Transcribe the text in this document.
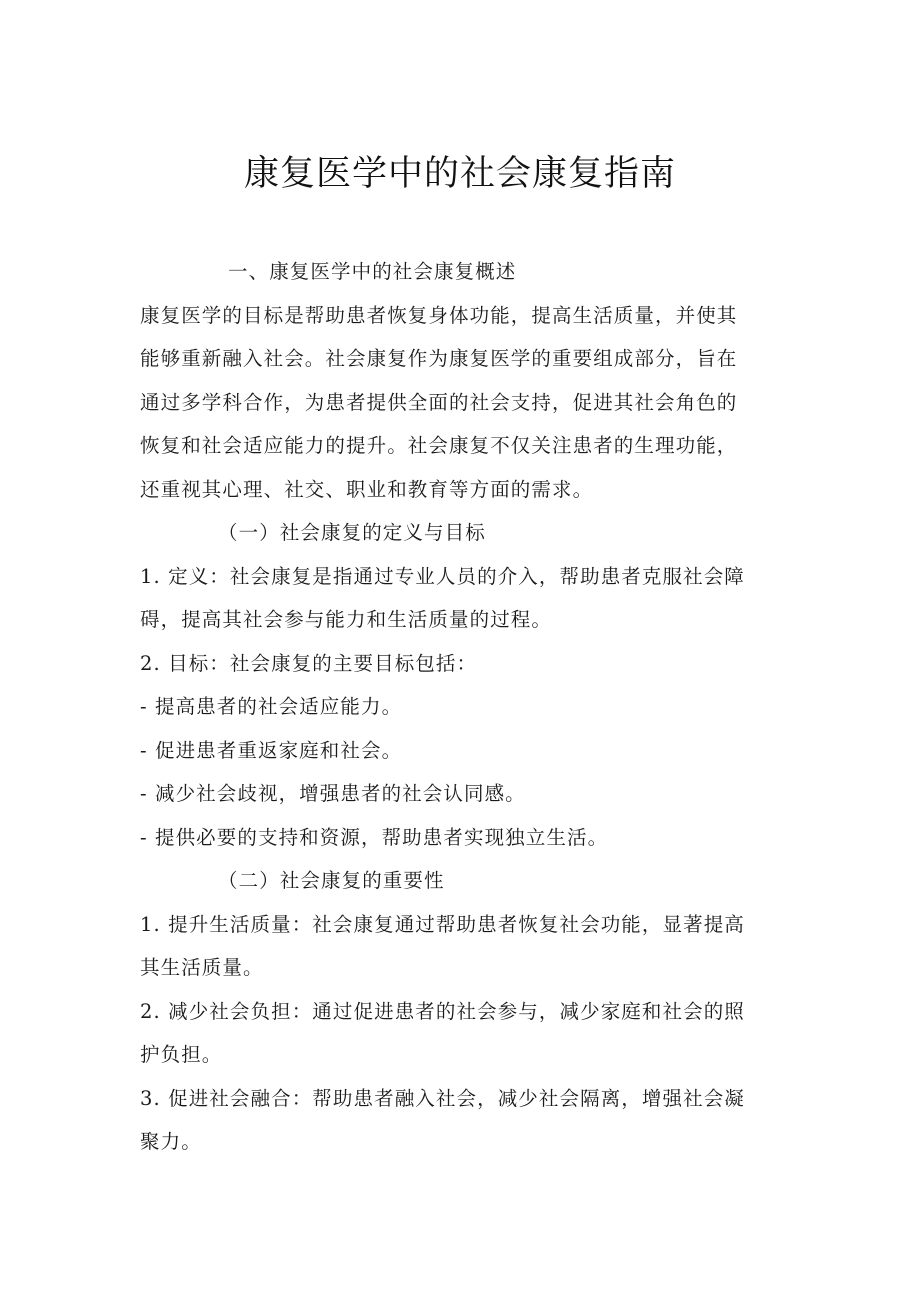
康复医学中的社会康复指南

一、康复医学中的社会康复概述

康复医学的目标是帮助患者恢复身体功能，提高生活质量，并使其

能够重新融入社会。社会康复作为康复医学的重要组成部分，旨在

通过多学科合作，为患者提供全面的社会支持，促进其社会角色的

恢复和社会适应能力的提升。社会康复不仅关注患者的生理功能，

还重视其心理、社交、职业和教育等方面的需求。

（一）社会康复的定义与目标

1. 定义：社会康复是指通过专业人员的介入，帮助患者克服社会障

碍，提高其社会参与能力和生活质量的过程。

2. 目标：社会康复的主要目标包括：

- 提高患者的社会适应能力。

- 促进患者重返家庭和社会。

- 减少社会歧视，增强患者的社会认同感。

- 提供必要的支持和资源，帮助患者实现独立生活。

（二）社会康复的重要性

1. 提升生活质量：社会康复通过帮助患者恢复社会功能，显著提高

其生活质量。

2. 减少社会负担：通过促进患者的社会参与，减少家庭和社会的照

护负担。

3. 促进社会融合：帮助患者融入社会，减少社会隔离，增强社会凝

聚力。
